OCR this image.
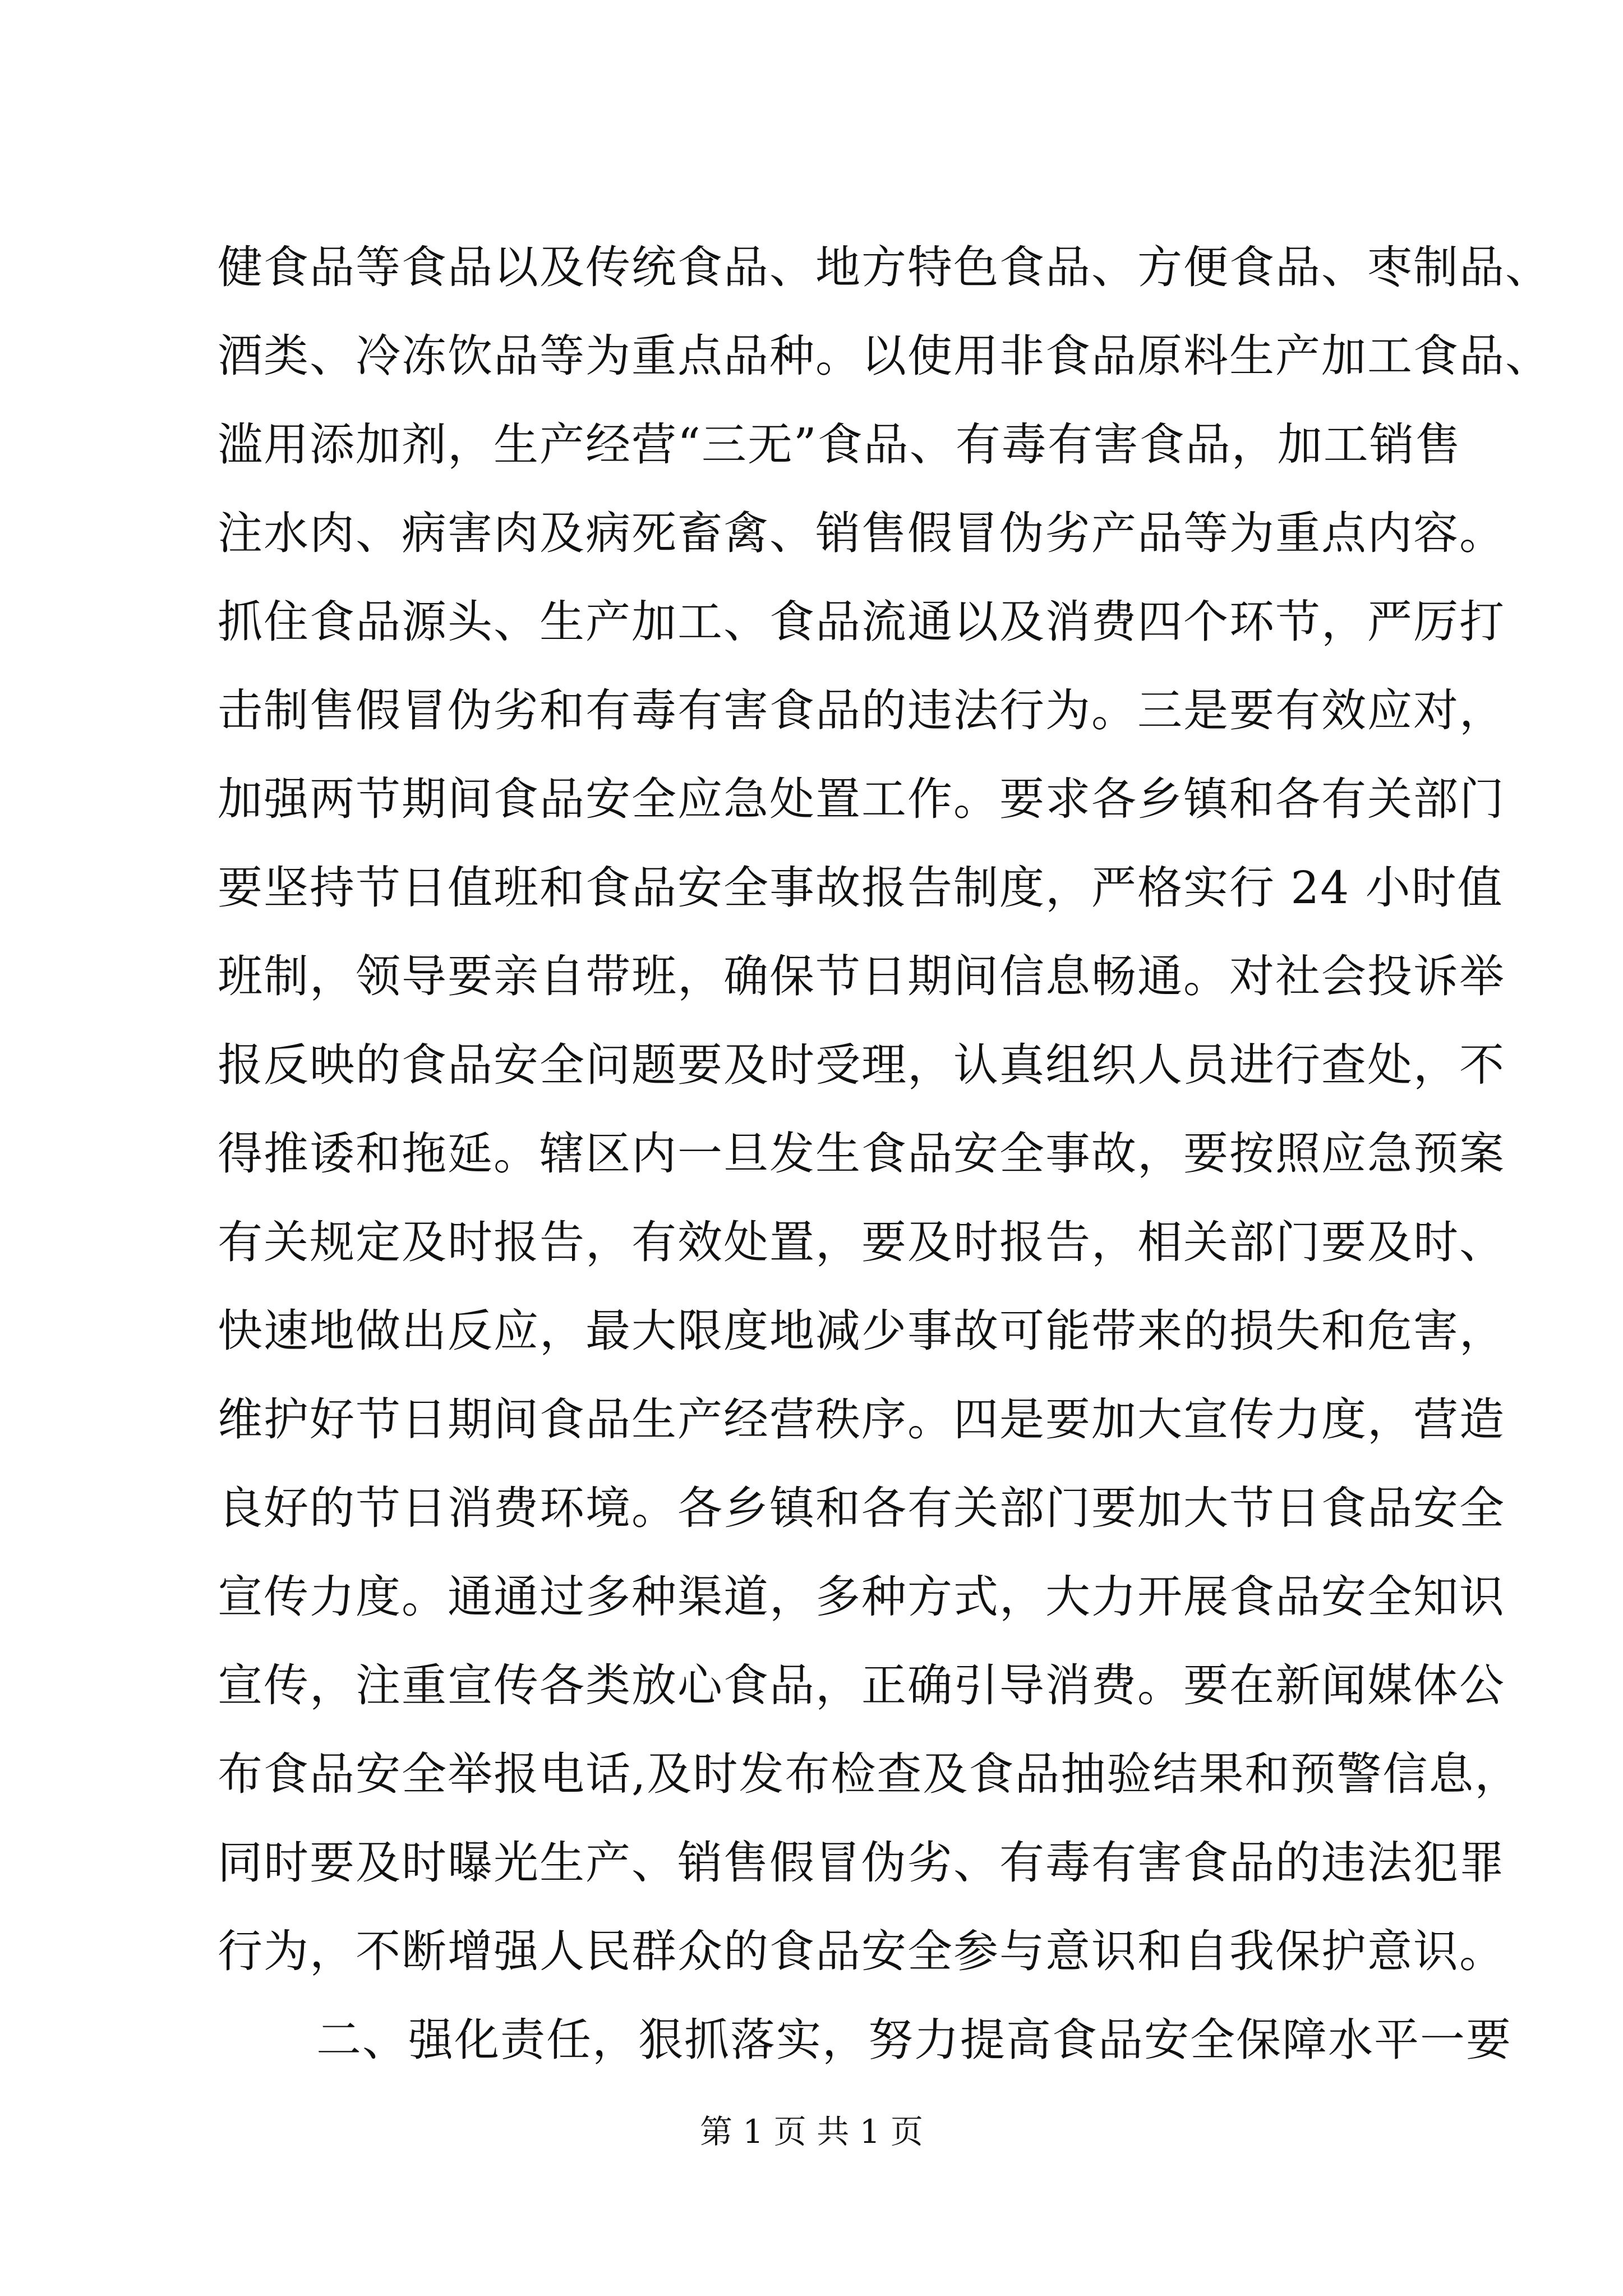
健食品等食品以及传统食品、地方特色食品、方便食品、枣制品、
酒类、冷冻饮品等为重点品种。以使用非食品原料生产加工食品、
滥用添加剂，生产经营“三无”食品、有毒有害食品，加工销售
注水肉、病害肉及病死畜禽、销售假冒伪劣产品等为重点内容。
抓住食品源头、生产加工、食品流通以及消费四个环节，严厉打
击制售假冒伪劣和有毒有害食品的违法行为。三是要有效应对，
加强两节期间食品安全应急处置工作。要求各乡镇和各有关部门
要坚持节日值班和食品安全事故报告制度，严格实行 24 小时值
班制，领导要亲自带班，确保节日期间信息畅通。对社会投诉举
报反映的食品安全问题要及时受理，认真组织人员进行查处，不
得推诿和拖延。辖区内一旦发生食品安全事故，要按照应急预案
有关规定及时报告，有效处置，要及时报告，相关部门要及时、
快速地做出反应，最大限度地减少事故可能带来的损失和危害，
维护好节日期间食品生产经营秩序。四是要加大宣传力度，营造
良好的节日消费环境。各乡镇和各有关部门要加大节日食品安全
宣传力度。通通过多种渠道，多种方式，大力开展食品安全知识
宣传，注重宣传各类放心食品，正确引导消费。要在新闻媒体公
布食品安全举报电话,及时发布检查及食品抽验结果和预警信息，
同时要及时曝光生产、销售假冒伪劣、有毒有害食品的违法犯罪
行为，不断增强人民群众的食品安全参与意识和自我保护意识。
二、强化责任，狠抓落实，努力提高食品安全保障水平一要
第 1 页 共 1 页
